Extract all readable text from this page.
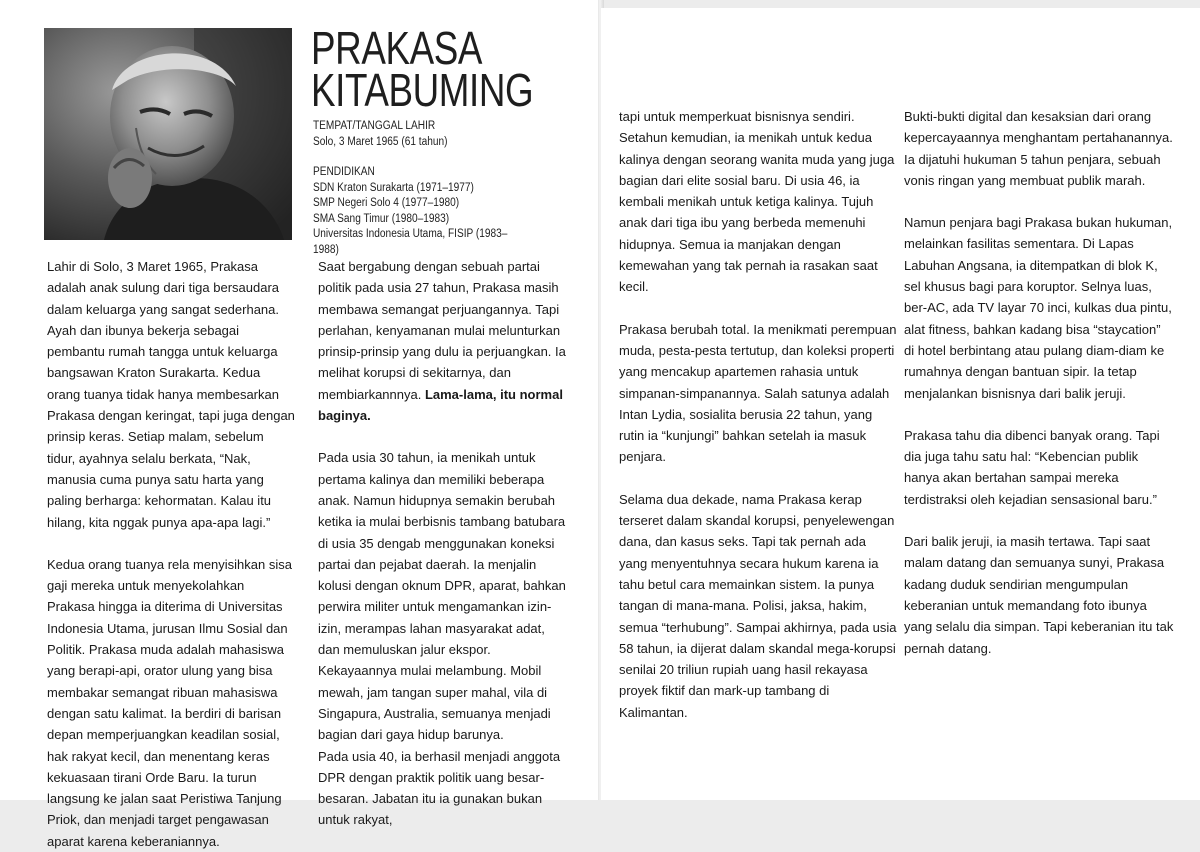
PRAKASA
KITABUMING
TEMPAT/TANGGAL LAHIR
Solo, 3 Maret 1965 (61 tahun)
PENDIDIKAN
SDN Kraton Surakarta (1971–1977)
SMP Negeri Solo 4 (1977–1980)
SMA Sang Timur (1980–1983)
Universitas Indonesia Utama, FISIP (1983–1988)

Lahir di Solo, 3 Maret 1965, Prakasa adalah anak sulung dari tiga bersaudara dalam keluarga yang sangat sederhana. Ayah dan ibunya bekerja sebagai pembantu rumah tangga untuk keluarga bangsawan Kraton Surakarta. Kedua orang tuanya tidak hanya membesarkan Prakasa dengan keringat, tapi juga dengan prinsip keras. Setiap malam, sebelum tidur, ayahnya selalu berkata, “Nak, manusia cuma punya satu harta yang paling berharga: kehormatan. Kalau itu hilang, kita nggak punya apa-apa lagi.”

Kedua orang tuanya rela menyisihkan sisa gaji mereka untuk menyekolahkan Prakasa hingga ia diterima di Universitas Indonesia Utama, jurusan Ilmu Sosial dan Politik. Prakasa muda adalah mahasiswa yang berapi-api, orator ulung yang bisa membakar semangat ribuan mahasiswa dengan satu kalimat. Ia berdiri di barisan depan memperjuangkan keadilan sosial, hak rakyat kecil, dan menentang keras kekuasaan tirani Orde Baru. Ia turun langsung ke jalan saat Peristiwa Tanjung Priok, dan menjadi target pengawasan aparat karena keberaniannya.

Saat bergabung dengan sebuah partai politik pada usia 27 tahun, Prakasa masih membawa semangat perjuangannya. Tapi perlahan, kenyamanan mulai melunturkan prinsip-prinsip yang dulu ia perjuangkan. Ia melihat korupsi di sekitarnya, dan membiarkannnya. Lama-lama, itu normal baginya.

Pada usia 30 tahun, ia menikah untuk pertama kalinya dan memiliki beberapa anak. Namun hidupnya semakin berubah ketika ia mulai berbisnis tambang batubara di usia 35 dengab menggunakan koneksi partai dan pejabat daerah. Ia menjalin kolusi dengan oknum DPR, aparat, bahkan perwira militer untuk mengamankan izin-izin, merampas lahan masyarakat adat, dan memuluskan jalur ekspor. Kekayaannya mulai melambung. Mobil mewah, jam tangan super mahal, vila di Singapura, Australia, semuanya menjadi bagian dari gaya hidup barunya.

Pada usia 40, ia berhasil menjadi anggota DPR dengan praktik politik uang besar-besaran. Jabatan itu ia gunakan bukan untuk rakyat,

tapi untuk memperkuat bisnisnya sendiri. Setahun kemudian, ia menikah untuk kedua kalinya dengan seorang wanita muda yang juga bagian dari elite sosial baru. Di usia 46, ia kembali menikah untuk ketiga kalinya. Tujuh anak dari tiga ibu yang berbeda memenuhi hidupnya. Semua ia manjakan dengan kemewahan yang tak pernah ia rasakan saat kecil.

Prakasa berubah total. Ia menikmati perempuan muda, pesta-pesta tertutup, dan koleksi properti yang mencakup apartemen rahasia untuk simpanan-simpanannya. Salah satunya adalah Intan Lydia, sosialita berusia 22 tahun, yang rutin ia “kunjungi” bahkan setelah ia masuk penjara.

Selama dua dekade, nama Prakasa kerap terseret dalam skandal korupsi, penyelewengan dana, dan kasus seks. Tapi tak pernah ada yang menyentuhnya secara hukum karena ia tahu betul cara memainkan sistem. Ia punya tangan di mana-mana. Polisi, jaksa, hakim, semua “terhubung”. Sampai akhirnya, pada usia 58 tahun, ia dijerat dalam skandal mega-korupsi senilai 20 triliun rupiah uang hasil rekayasa proyek fiktif dan mark-up tambang di Kalimantan.

Bukti-bukti digital dan kesaksian dari orang kepercayaannya menghantam pertahanannya. Ia dijatuhi hukuman 5 tahun penjara, sebuah vonis ringan yang membuat publik marah.

Namun penjara bagi Prakasa bukan hukuman, melainkan fasilitas sementara. Di Lapas Labuhan Angsana, ia ditempatkan di blok K, sel khusus bagi para koruptor. Selnya luas, ber-AC, ada TV layar 70 inci, kulkas dua pintu, alat fitness, bahkan kadang bisa “staycation” di hotel berbintang atau pulang diam-diam ke rumahnya dengan bantuan sipir. Ia tetap menjalankan bisnisnya dari balik jeruji.

Prakasa tahu dia dibenci banyak orang. Tapi dia juga tahu satu hal: “Kebencian publik hanya akan bertahan sampai mereka terdistraksi oleh kejadian sensasional baru.”

Dari balik jeruji, ia masih tertawa. Tapi saat malam datang dan semuanya sunyi, Prakasa kadang duduk sendirian mengumpulan keberanian untuk memandang foto ibunya yang selalu dia simpan. Tapi keberanian itu tak pernah datang.
